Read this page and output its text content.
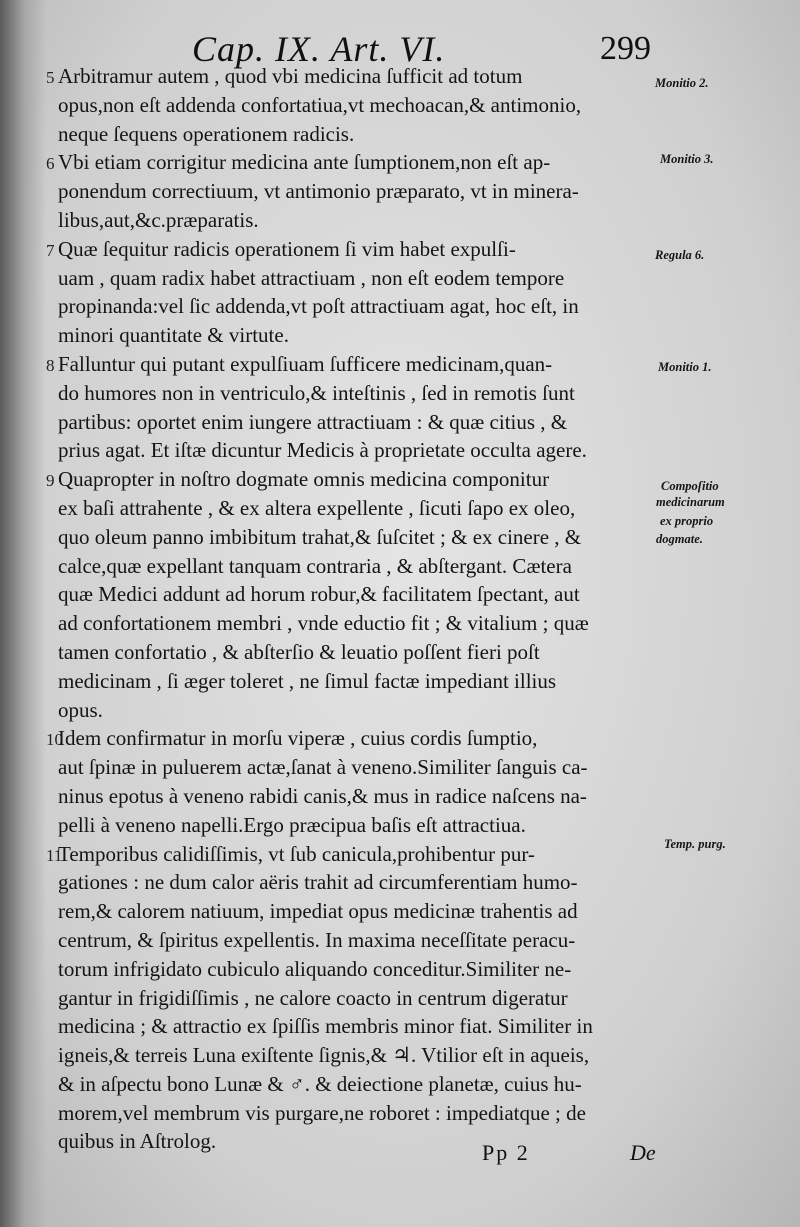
Cap. IX. Art. VI.	299
5 Arbitramur autem , quod vbi medicina ſufficit ad totum
opus,non eſt addenda confortatiua,vt mechoacan,& antimonio,
neque ſequens operationem radicis.
6 Vbi etiam corrigitur medicina ante ſumptionem,non eſt ap-
ponendum correctiuum, vt antimonio præparato, vt in minera-
libus,aut,&c.præparatis.
7 Quæ ſequitur radicis operationem ſi vim habet expulſi-
uam , quam radix habet attractiuam , non eſt eodem tempore
propinanda:vel ſic addenda,vt poſt attractiuam agat, hoc eſt, in
minori quantitate & virtute.
8 Falluntur qui putant expulſiuam ſufficere medicinam,quan-
do humores non in ventriculo,& inteſtinis , ſed in remotis ſunt
partibus: oportet enim iungere attractiuam : & quæ citius , &
prius agat. Et iſtæ dicuntur Medicis à proprietate occulta agere.
9 Quapropter in noſtro dogmate omnis medicina componitur
ex baſi attrahente , & ex altera expellente , ſicuti ſapo ex oleo,
quo oleum panno imbibitum trahat,& ſuſcitet ; & ex cinere , &
calce,quæ expellant tanquam contraria , & abſtergant. Cætera
quæ Medici addunt ad horum robur,& facilitatem ſpectant, aut
ad confortationem membri , vnde eductio fit ; & vitalium ; quæ
tamen confortatio , & abſterſio & leuatio poſſent fieri poſt
medicinam , ſi æger toleret , ne ſimul factæ impediant illius
opus.
10Idem confirmatur in morſu viperæ , cuius cordis ſumptio,
aut ſpinæ in puluerem actæ,ſanat à veneno.Similiter ſanguis ca-
ninus epotus à veneno rabidi canis,& mus in radice naſcens na-
pelli à veneno napelli.Ergo præcipua baſis eſt attractiua.
11Temporibus calidiſſimis, vt ſub canicula,prohibentur pur-
gationes : ne dum calor aëris trahit ad circumferentiam humo-
rem,& calorem natiuum, impediat opus medicinæ trahentis ad
centrum, & ſpiritus expellentis. In maxima neceſſitate peracu-
torum infrigidato cubiculo aliquando conceditur.Similiter ne-
gantur in frigidiſſimis , ne calore coacto in centrum digeratur
medicina ; & attractio ex ſpiſſis membris minor fiat. Similiter in
igneis,& terreis Luna exiſtente ſignis,& ♃. Vtilior eſt in aqueis,
& in aſpectu bono Lunæ & ♂. & deiectione planetæ, cuius hu-
morem,vel membrum vis purgare,ne roboret : impediatque ; de
quibus in Aſtrolog.
Monitio 2.
Monitio 3.
Regula 6.
Monitio 1.
Compoſitio
medicinarum
ex proprio
dogmate.
Temp. purg.
Pp 2	De
